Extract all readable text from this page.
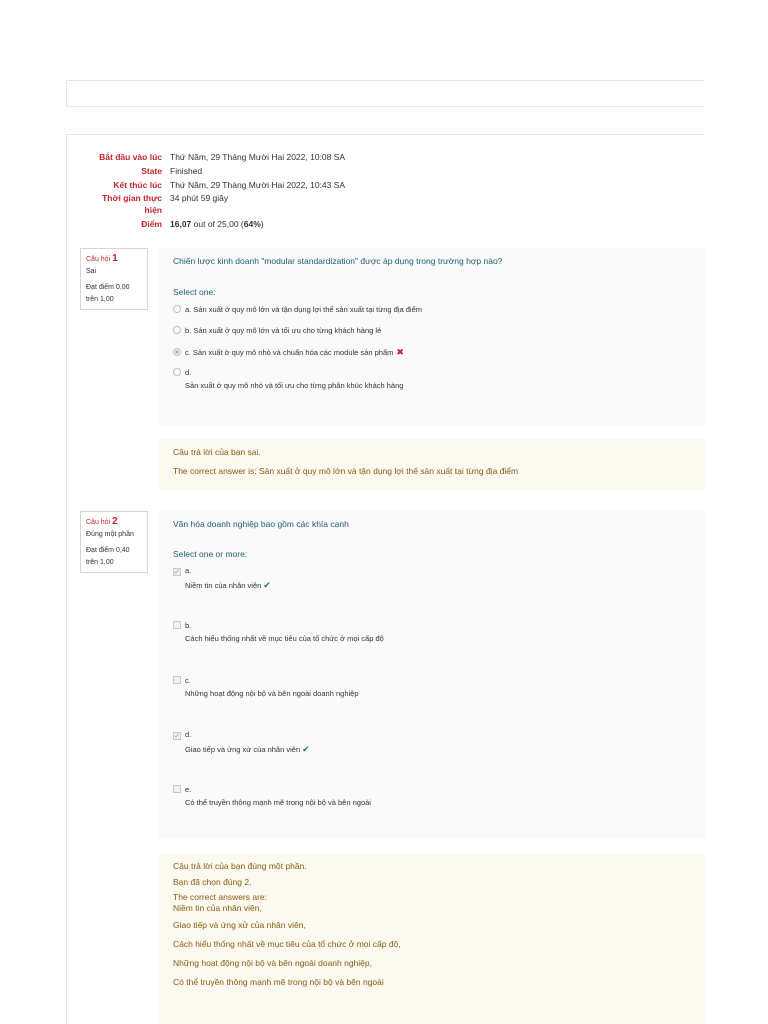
Bắt đầu vào lúc Thứ Năm, 29 Tháng Mười Hai 2022, 10:08 SA
State Finished
Kết thúc lúc Thứ Năm, 29 Tháng Mười Hai 2022, 10:43 SA
Thời gian thực
hiện
34 phút 59 giây
Điểm 16,07 out of 25,00 (64%)
Câu hỏi 1
Sai
Đạt điểm 0,00
trên 1,00
Chiến lược kinh doanh "modular standardization" được áp dụng trong trường hợp nào?
Select one:
a. Sản xuất ở quy mô lớn và tận dụng lợi thế sản xuất tại từng địa điểm
b. Sản xuất ở quy mô lớn và tối ưu cho từng khách hàng lẻ
c. Sản xuất ở quy mô nhỏ và chuẩn hóa các module sản phẩm ✖
d.
Sản xuất ở quy mô nhỏ và tối ưu cho từng phân khúc khách hàng
Câu trả lời của bạn sai.
The correct answer is: Sản xuất ở quy mô lớn và tận dụng lợi thế sản xuất tại từng địa điểm
Câu hỏi 2
Đúng một phần
Đạt điểm 0,40
trên 1,00
Văn hóa doanh nghiệp bao gồm các khía cạnh
Select one or more:
✓ a.
Niềm tin của nhân viên ✔
b.
Cách hiểu thống nhất về mục tiêu của tổ chức ở mọi cấp độ
c.
Những hoạt động nội bộ và bên ngoài doanh nghiệp
✓ d.
Giao tiếp và ứng xử của nhân viên ✔
e.
Có thể truyền thông mạnh mẽ trong nội bộ và bên ngoài
Câu trả lời của bạn đúng một phần.
Bạn đã chọn đúng 2.
The correct answers are:
Niềm tin của nhân viên,
Giao tiếp và ứng xử của nhân viên,
Cách hiểu thống nhất về mục tiêu của tổ chức ở mọi cấp độ,
Những hoạt động nội bộ và bên ngoài doanh nghiệp,
Có thể truyền thông mạnh mẽ trong nội bộ và bên ngoài
